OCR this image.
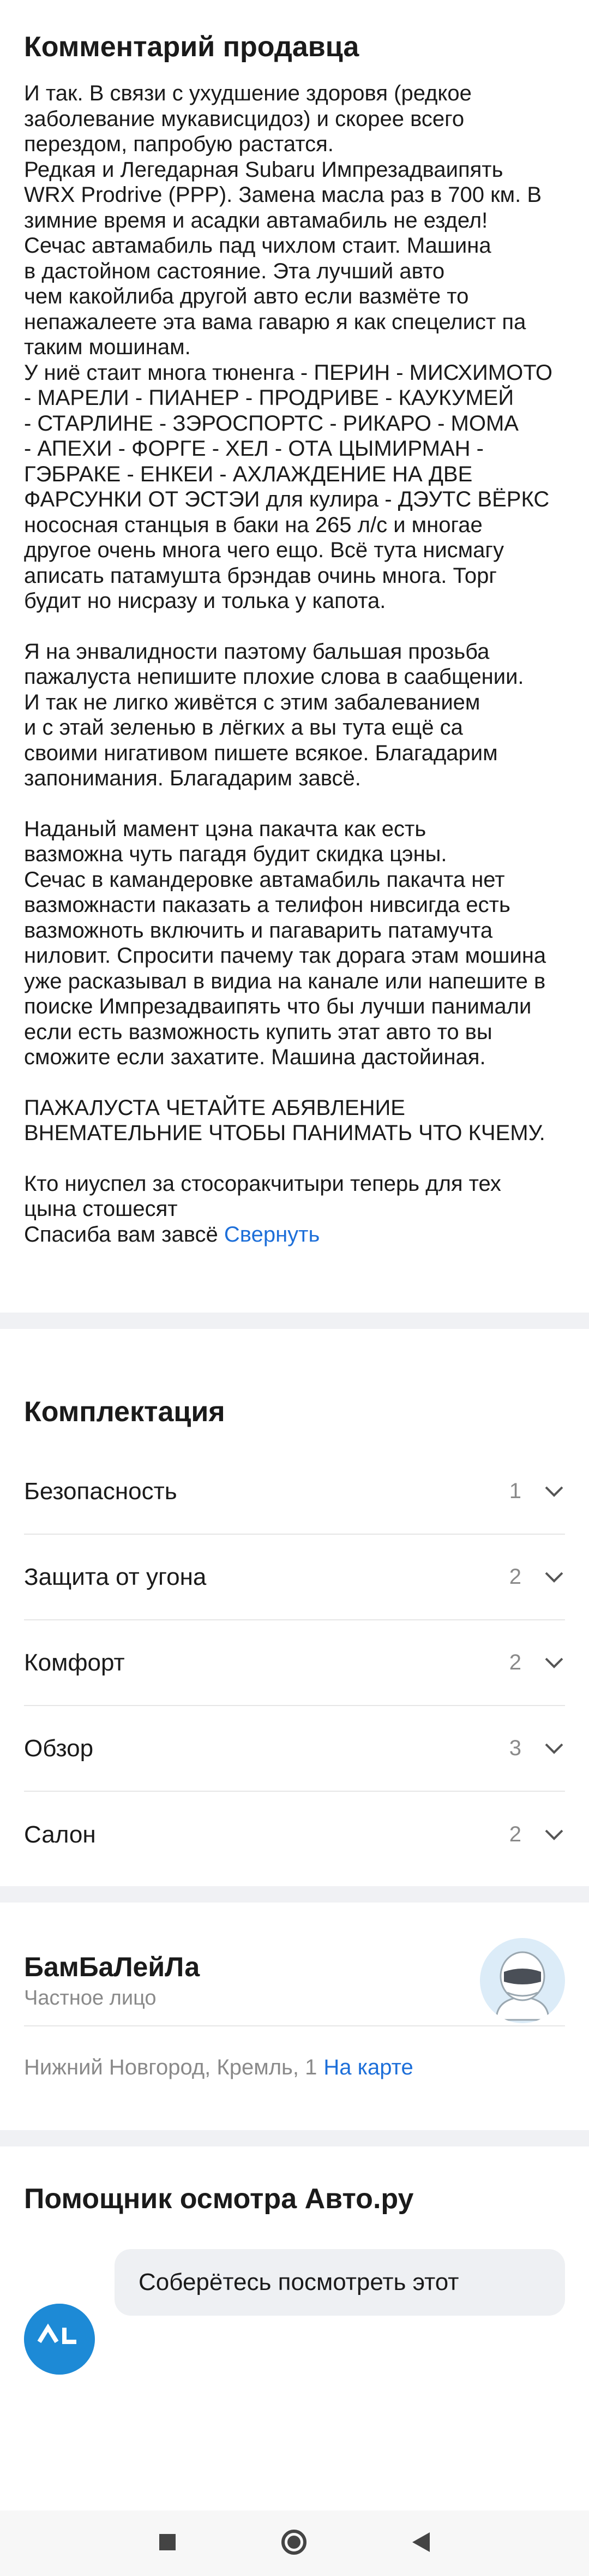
Комментарий продавца
И так. В связи с ухудшение здоровя (редкое
заболевание мукависцидоз) и скорее всего
перездом, папробую растатся.
Редкая и Легедарная Subaru Импрезадваипять
WRX Prodrive (PPP). Замена масла раз в 700 км. В
зимние время и асадки автамабиль не ездел!
Сечас автамабиль пад чихлом стаит. Машина
в дастойном састояние. Эта лучший авто
чем какойлиба другой авто если вазмёте то
непажалеете эта вама гаварю я как спецелист па
таким мошинам.
У ниё стаит многа тюненга - ПЕРИН - МИСХИМОТО
- МАРЕЛИ - ПИАНЕР - ПРОДРИВЕ - КАУКУМЕЙ
- СТАРЛИНЕ - ЗЭРОСПОРТС - РИКАРО - МОМА
- АПЕХИ - ФОРГЕ - ХЕЛ - ОТА ЦЫМИРМАН -
ГЭБРАКЕ - ЕНКЕИ - АХЛАЖДЕНИЕ НА ДВЕ
ФАРСУНКИ ОТ ЭСТЭИ для кулира - ДЭУТС ВЁРКС
нососная станцыя в баки на 265 л/с и многае
другое очень многа чего ещо. Всё тута нисмагу
аписать патамушта брэндав очинь многа. Торг
будит но нисразу и толька у капота.
Я на энвалидности паэтому бальшая прозьба
пажалуста непишите плохие слова в саабщении.
И так не лигко живётся с этим забалеванием
и с этай зеленью в лёгких а вы тута ещё са
своими нигативом пишете всякое. Благадарим
запонимания. Благадарим завсё.
Наданый мамент цэна пакачта как есть
вазможна чуть пагадя будит скидка цэны.
Сечас в камандеровке автамабиль пакачта нет
вазможнасти паказать а телифон нивсигда есть
вазможноть включить и пагаварить патамучта
ниловит. Спросити пачему так дорага этам мошина
уже расказывал в видиа на канале или напешите в
поиске Импрезадваипять что бы лучши панимали
если есть вазможность купить этат авто то вы
сможите если захатите. Машина дастойиная.
ПАЖАЛУСТА ЧЕТАЙТЕ АБЯВЛЕНИЕ
ВНЕМАТЕЛЬНИЕ ЧТОБЫ ПАНИМАТЬ ЧТО КЧЕМУ.
Кто ниуспел за стосоракчитыри теперь для тех
цына стошесят
Спасиба вам завсё Свернуть
Комплектация
Безопасность	1
Защита от угона	2
Комфорт	2
Обзор	3
Салон	2
БамБаЛейЛа
Частное лицо
Нижний Новгород, Кремль, 1 На карте
Помощник осмотра Авто.ру
Соберётесь посмотреть этот
